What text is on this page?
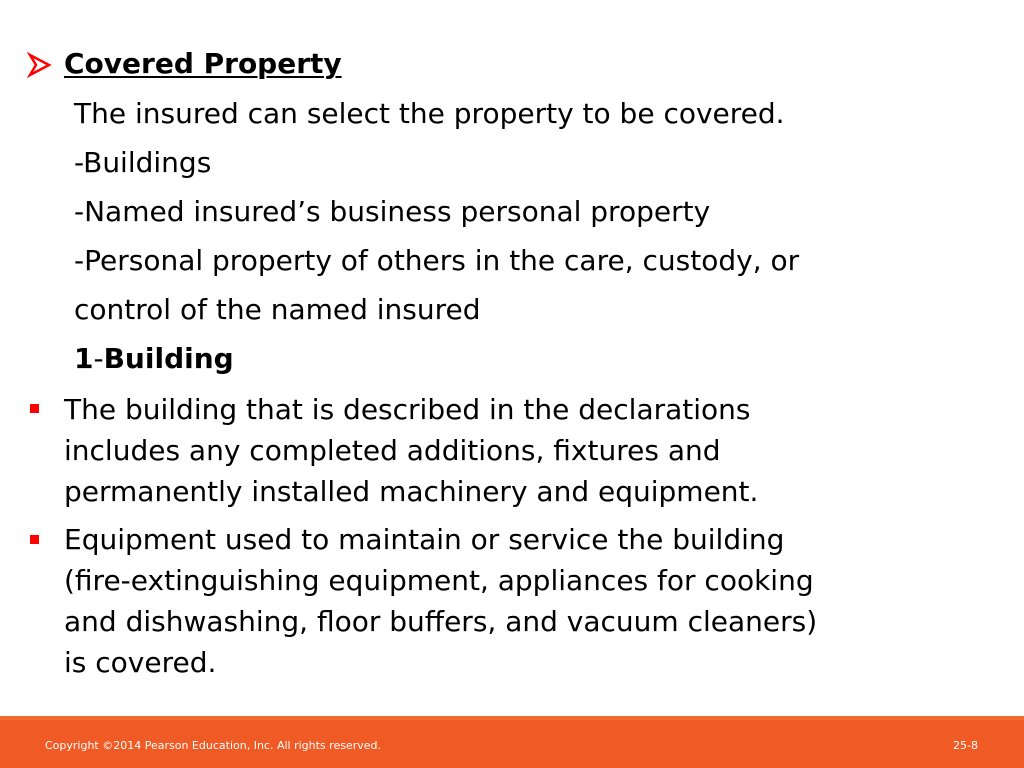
Covered Property
The insured can select the property to be covered.
-Buildings
-Named insured’s business personal property
-Personal property of others in the care, custody, or
control of the named insured
1-Building
The building that is described in the declarations
includes any completed additions, fixtures and
permanently installed machinery and equipment.
Equipment used to maintain or service the building
(fire-extinguishing equipment, appliances for cooking
and dishwashing, floor buffers, and vacuum cleaners)
is covered.
Copyright ©2014 Pearson Education, Inc. All rights reserved.	25-8
